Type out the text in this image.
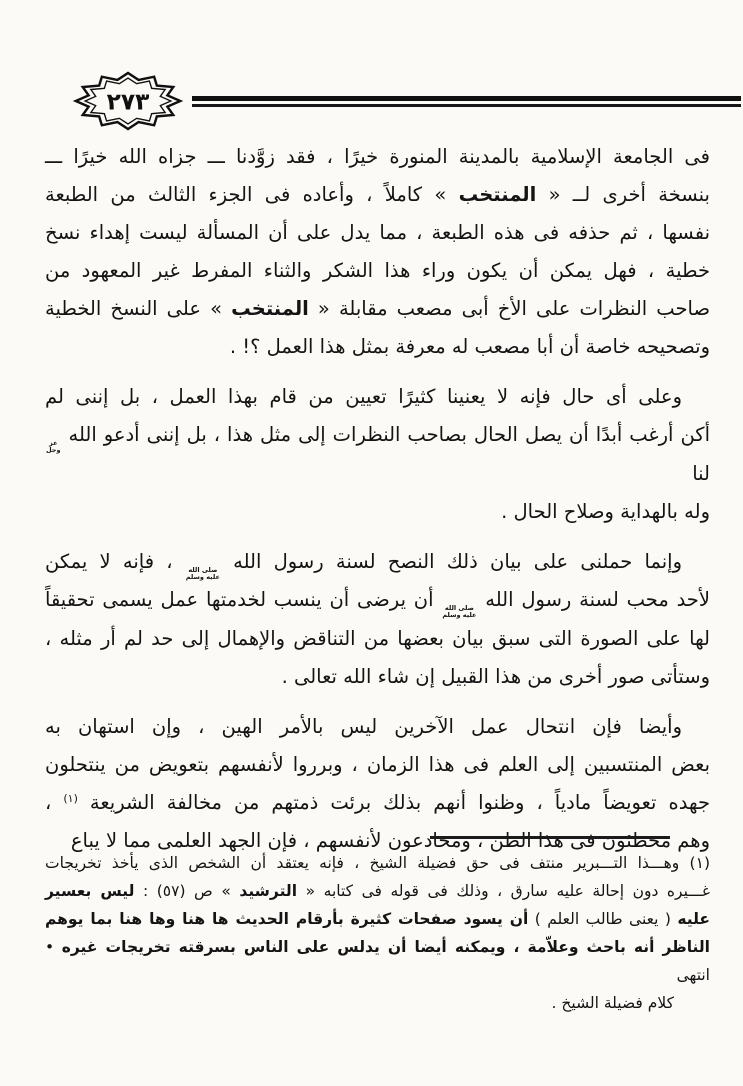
٢٧٣
فى الجامعة الإسلامية بالمدينة المنورة خيرًا ، فقد زوَّدنا ـــ جزاه الله خيرًا ـــ
بنسخة أخرى لــ « المنتخب » كاملاً ، وأعاده فى الجزء الثالث من الطبعة
نفسها ، ثم حذفه فى هذه الطبعة ، مما يدل على أن المسألة ليست إهداء نسخ
خطية ، فهل يمكن أن يكون وراء هذا الشكر والثناء المفرط غير المعهود من
صاحب النظرات على الأخ أبى مصعب مقابلة « المنتخب » على النسخ الخطية
وتصحيحه خاصة أن أبا مصعب له معرفة بمثل هذا العمل ؟! .
وعلى أى حال فإنه لا يعنينا كثيرًا تعيين من قام بهذا العمل ، بل إننى لم
أكن أرغب أبدًا أن يصل الحال بصاحب النظرات إلى مثل هذا ، بل إننى أدعو الله
عز
وجل
لنا
وله بالهداية وصلاح الحال .
وإنما حملنى على بيان ذلك النصح لسنة رسول الله
صلى الله
عليه وسلم
، فإنه لا يمكن
لأحد محب لسنة رسول الله
صلى الله
عليه وسلم
أن يرضى أن ينسب لخدمتها عمل يسمى تحقيقاً
لها على الصورة التى سبق بيان بعضها من التناقض والإهمال إلى حد لم أر مثله ،
وستأتى صور أخرى من هذا القبيل إن شاء الله تعالى .
وأيضا فإن انتحال عمل الآخرين ليس بالأمر الهين ، وإن استهان به
بعض المنتسبين إلى العلم فى هذا الزمان ، وبرروا لأنفسهم بتعويض من ينتحلون
جهده تعويضاً مادياً ، وظنوا أنهم بذلك برئت ذمتهم من مخالفة الشريعة $^{(١)}$ ،
وهم مخطئون فى هذا الظن ، ومخادعون لأنفسهم ، فإن الجهد العلمى مما لا يباع
(١) وهـــذا التـــبرير منتف فى حق فضيلة الشيخ ، فإنه يعتقد أن الشخص الذى يأخذ تخريجات
غـــيره دون إحالة عليه سارق ، وذلك فى قوله فى كتابه « الترشيد » ص (٥٧) : ليس بعسير
عليه ( يعنى طالب العلم ) أن يسود صفحات كثيرة بأرقام الحديث ها هنا وها هنا بما يوهم
الناظر أنه باحث وعلاّمة ، ويمكنه أيضا أن يدلس على الناس بسرقته تخريجات غيره • انتهى
كلام فضيلة الشيخ .
